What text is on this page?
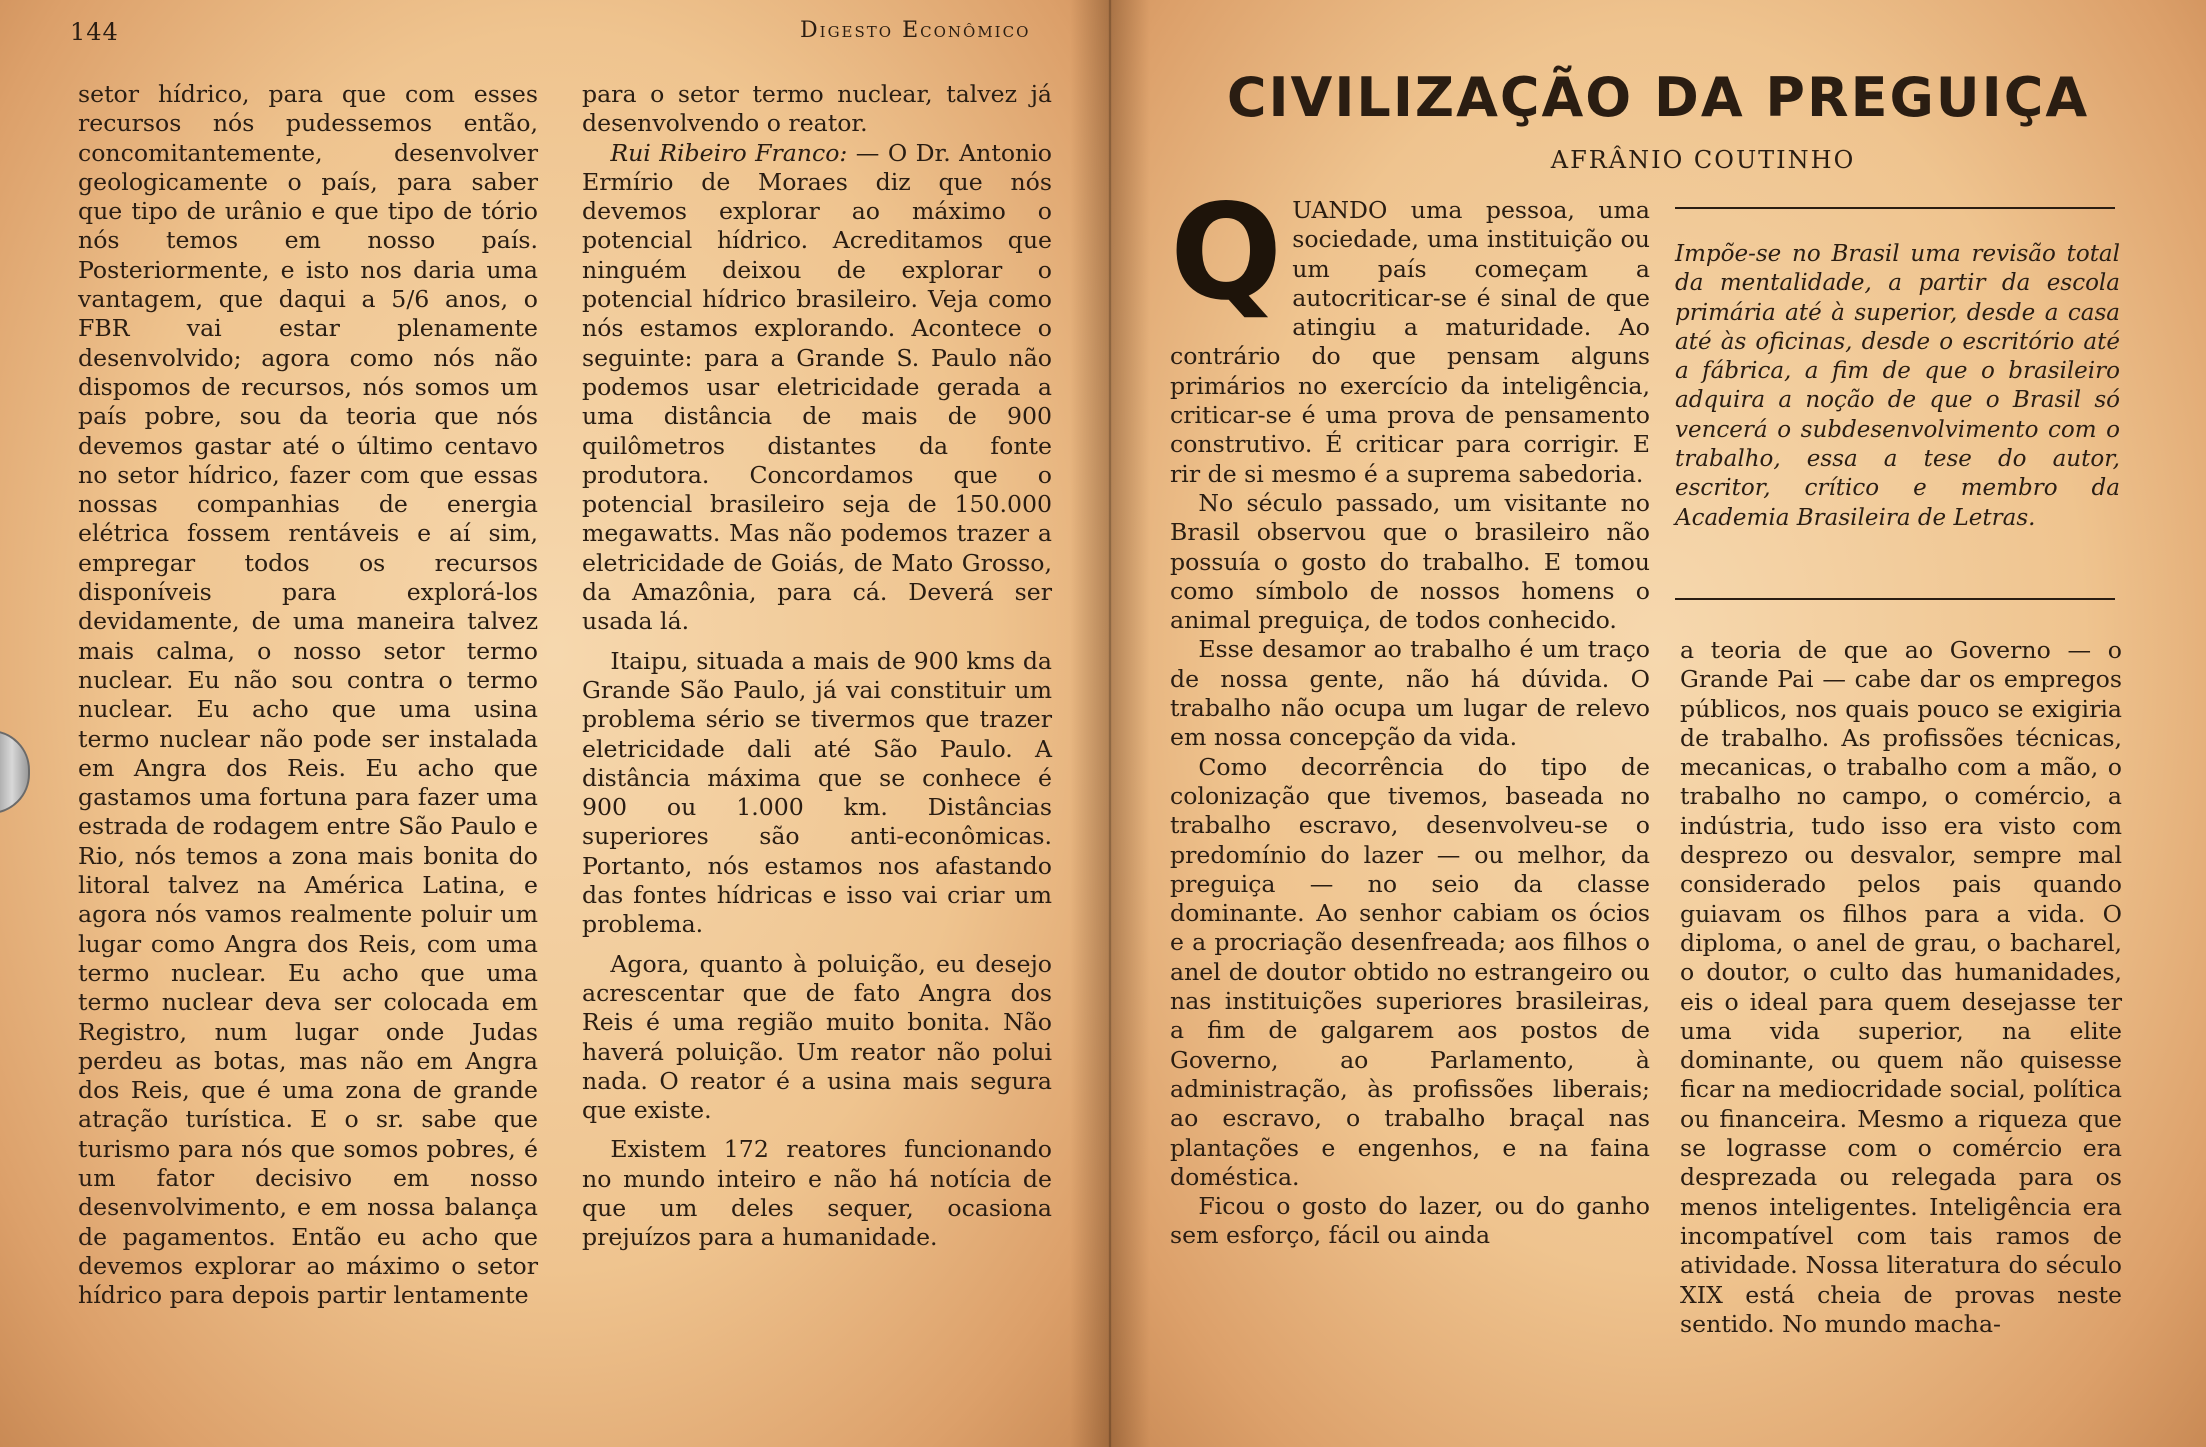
144	Digesto Econômico

setor hídrico, para que com esses recursos nós pudessemos então, concomitantemente, desenvolver geologicamente o país, para saber que tipo de urânio e que tipo de tório nós temos em nosso país. Posteriormente, e isto nos daria uma vantagem, que daqui a 5/6 anos, o FBR vai estar plenamente desenvolvido; agora como nós não dispomos de recursos, nós somos um país pobre, sou da teoria que nós devemos gastar até o último centavo no setor hídrico, fazer com que essas nossas companhias de energia elétrica fossem rentáveis e aí sim, empregar todos os recursos disponíveis para explorá-los devidamente, de uma maneira talvez mais calma, o nosso setor termo nuclear. Eu não sou contra o termo nuclear. Eu acho que uma usina termo nuclear não pode ser instalada em Angra dos Reis. Eu acho que gastamos uma fortuna para fazer uma estrada de rodagem entre São Paulo e Rio, nós temos a zona mais bonita do litoral talvez na América Latina, e agora nós vamos realmente poluir um lugar como Angra dos Reis, com uma termo nuclear. Eu acho que uma termo nuclear deva ser colocada em Registro, num lugar onde Judas perdeu as botas, mas não em Angra dos Reis, que é uma zona de grande atração turística. E o sr. sabe que turismo para nós que somos pobres, é um fator decisivo em nosso desenvolvimento, e em nossa balança de pagamentos. Então eu acho que devemos explorar ao máximo o setor hídrico para depois partir lentamente

para o setor termo nuclear, talvez já desenvolvendo o reator.

Rui Ribeiro Franco: — O Dr. Antonio Ermírio de Moraes diz que nós devemos explorar ao máximo o potencial hídrico. Acreditamos que ninguém deixou de explorar o potencial hídrico brasileiro. Veja como nós estamos explorando. Acontece o seguinte: para a Grande S. Paulo não podemos usar eletricidade gerada a uma distância de mais de 900 quilômetros distantes da fonte produtora. Concordamos que o potencial brasileiro seja de 150.000 megawatts. Mas não podemos trazer a eletricidade de Goiás, de Mato Grosso, da Amazônia, para cá. Deverá ser usada lá.

Itaipu, situada a mais de 900 kms da Grande São Paulo, já vai constituir um problema sério se tivermos que trazer eletricidade dali até São Paulo. A distância máxima que se conhece é 900 ou 1.000 km. Distâncias superiores são anti-econômicas. Portanto, nós estamos nos afastando das fontes hídricas e isso vai criar um problema.

Agora, quanto à poluição, eu desejo acrescentar que de fato Angra dos Reis é uma região muito bonita. Não haverá poluição. Um reator não polui nada. O reator é a usina mais segura que existe.

Existem 172 reatores funcionando no mundo inteiro e não há notícia de que um deles sequer, ocasiona prejuízos para a humanidade.

CIVILIZAÇÃO DA PREGUIÇA
AFRÂNIO COUTINHO

QUANDO uma pessoa, uma sociedade, uma instituição ou um país começam a autocriticar-se é sinal de que atingiu a maturidade. Ao contrário do que pensam alguns primários no exercício da inteligência, criticar-se é uma prova de pensamento construtivo. É criticar para corrigir. E rir de si mesmo é a suprema sabedoria.

No século passado, um visitante no Brasil observou que o brasileiro não possuía o gosto do trabalho. E tomou como símbolo de nossos homens o animal preguiça, de todos conhecido.

Esse desamor ao trabalho é um traço de nossa gente, não há dúvida. O trabalho não ocupa um lugar de relevo em nossa concepção da vida.

Como decorrência do tipo de colonização que tivemos, baseada no trabalho escravo, desenvolveu-se o predomínio do lazer — ou melhor, da preguiça — no seio da classe dominante. Ao senhor cabiam os ócios e a procriação desenfreada; aos filhos o anel de doutor obtido no estrangeiro ou nas instituições superiores brasileiras, a fim de galgarem aos postos de Governo, ao Parlamento, à administração, às profissões liberais; ao escravo, o trabalho braçal nas plantações e engenhos, e na faina doméstica.

Ficou o gosto do lazer, ou do ganho sem esforço, fácil ou ainda

Impõe-se no Brasil uma revisão total da mentalidade, a partir da escola primária até à superior, desde a casa até às oficinas, desde o escritório até a fábrica, a fim de que o brasileiro adquira a noção de que o Brasil só vencerá o subdesenvolvimento com o trabalho, essa a tese do autor, escritor, crítico e membro da Academia Brasileira de Letras.

a teoria de que ao Governo — o Grande Pai — cabe dar os empregos públicos, nos quais pouco se exigiria de trabalho. As profissões técnicas, mecanicas, o trabalho com a mão, o trabalho no campo, o comércio, a indústria, tudo isso era visto com desprezo ou desvalor, sempre mal considerado pelos pais quando guiavam os filhos para a vida. O diploma, o anel de grau, o bacharel, o doutor, o culto das humanidades, eis o ideal para quem desejasse ter uma vida superior, na elite dominante, ou quem não quisesse ficar na mediocridade social, política ou financeira. Mesmo a riqueza que se lograsse com o comércio era desprezada ou relegada para os menos inteligentes. Inteligência era incompatível com tais ramos de atividade. Nossa literatura do século XIX está cheia de provas neste sentido. No mundo macha-
